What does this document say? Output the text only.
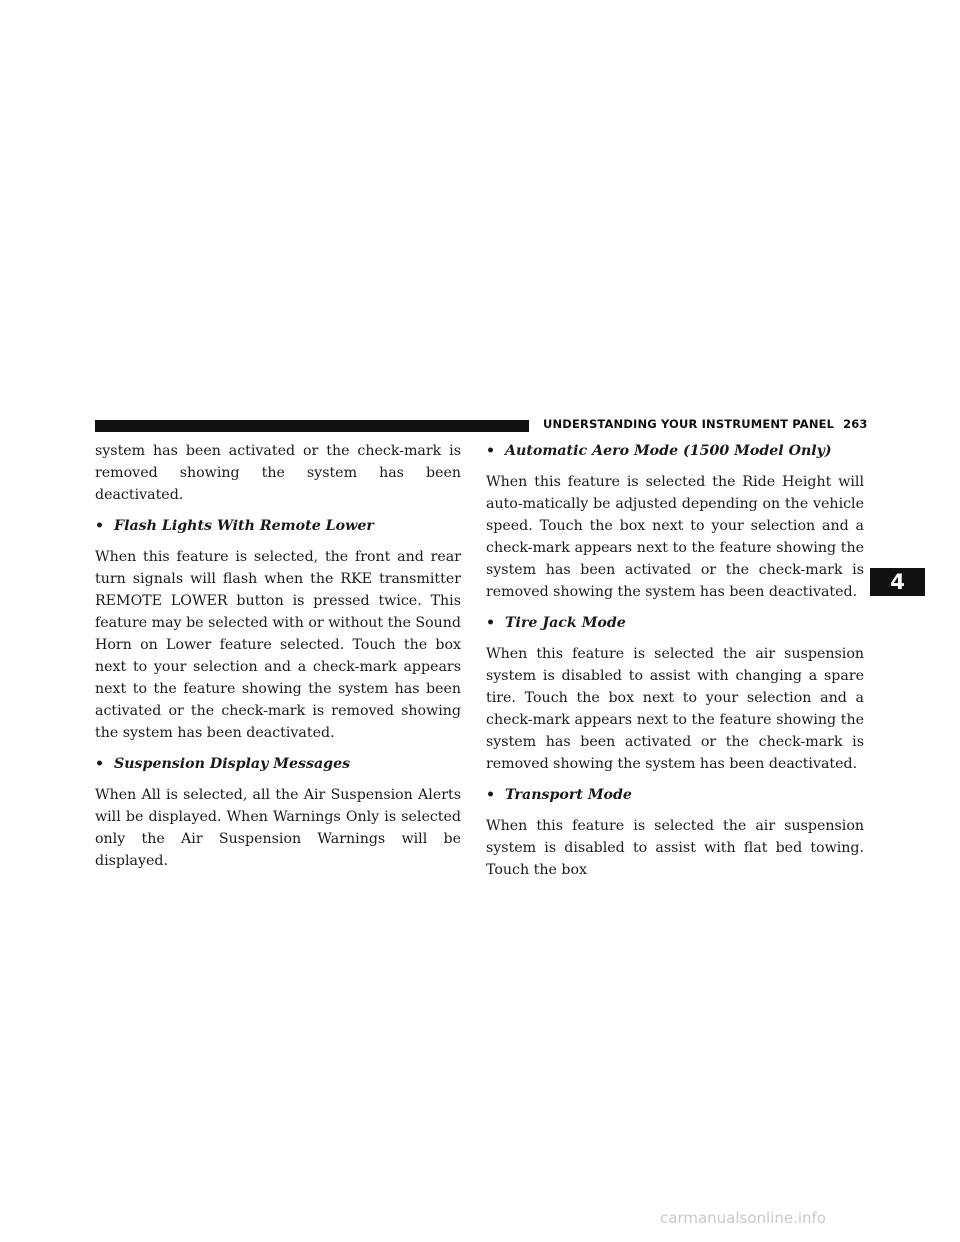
UNDERSTANDING YOUR INSTRUMENT PANEL 263

system has been activated or the check-mark is removed showing the system has been deactivated.

• Flash Lights With Remote Lower

When this feature is selected, the front and rear turn signals will flash when the RKE transmitter REMOTE LOWER button is pressed twice. This feature may be selected with or without the Sound Horn on Lower feature selected. Touch the box next to your selection and a check-mark appears next to the feature showing the system has been activated or the check-mark is removed showing the system has been deactivated.

• Suspension Display Messages

When All is selected, all the Air Suspension Alerts will be displayed. When Warnings Only is selected only the Air Suspension Warnings will be displayed.

• Automatic Aero Mode (1500 Model Only)

When this feature is selected the Ride Height will auto-matically be adjusted depending on the vehicle speed. Touch the box next to your selection and a check-mark appears next to the feature showing the system has been activated or the check-mark is removed showing the system has been deactivated.

• Tire Jack Mode

When this feature is selected the air suspension system is disabled to assist with changing a spare tire. Touch the box next to your selection and a check-mark appears next to the feature showing the system has been activated or the check-mark is removed showing the system has been deactivated.

• Transport Mode

When this feature is selected the air suspension system is disabled to assist with flat bed towing. Touch the box

4
carmanualsonline.info
